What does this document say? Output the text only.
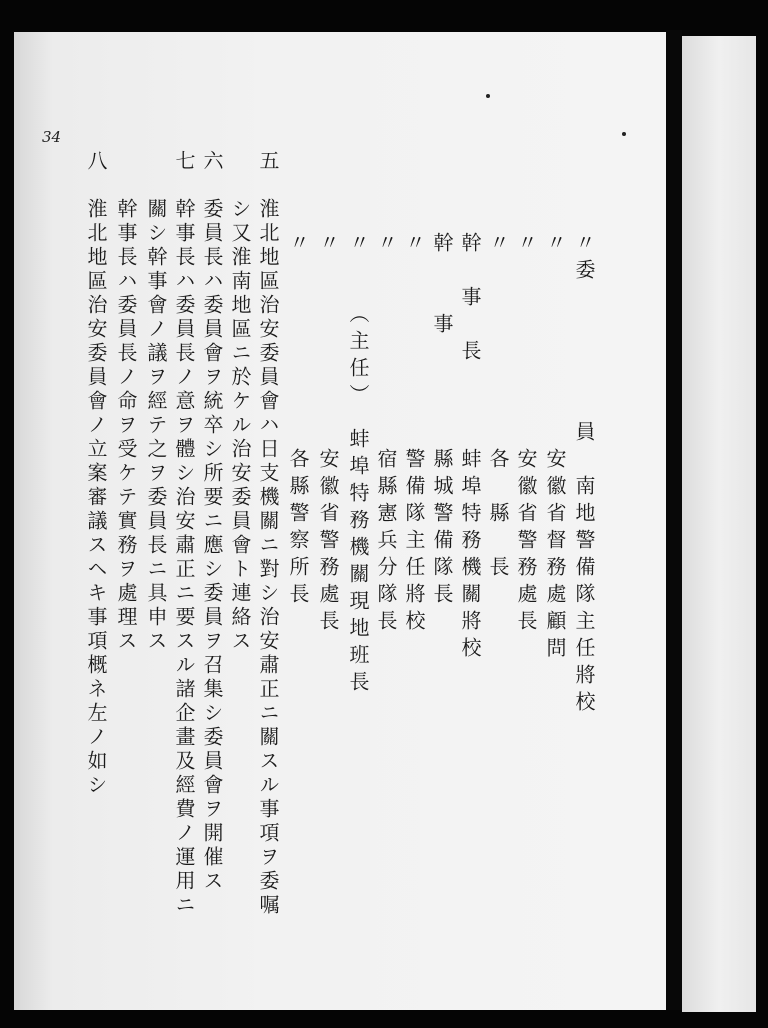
34
〃委　　　　　員　南地警備隊主任將校
〃　　　　　　　安徽省督務處顧問
〃　　　　　　　安徽省警務處長
〃　　　　　　　各　縣　長
幹　事　長　　　蚌埠特務機關將校
幹　　事　　　　縣城警備隊長
〃　　　　　　　警備隊主任將校
〃　　　　　　　宿縣憲兵分隊長
〃　　（主任）　蚌埠特務機關現地班長
〃　　　　　　　安徽省警務處長
〃　　　　　　　各縣警察所長
五　淮北地區治安委員會ハ日支機關ニ對シ治安肅正ニ關スル事項ヲ委嘱
　　シ又淮南地區ニ於ケル治安委員會ト連絡ス
六　委員長ハ委員會ヲ統卒シ所要ニ應シ委員ヲ召集シ委員會ヲ開催ス
七　幹事長ハ委員長ノ意ヲ體シ治安肅正ニ要スル諸企畫及經費ノ運用ニ
　　關シ幹事會ノ議ヲ經テ之ヲ委員長ニ具申ス
　　幹事長ハ委員長ノ命ヲ受ケテ實務ヲ處理ス
八　淮北地區治安委員會ノ立案審議スヘキ事項概ネ左ノ如シ
